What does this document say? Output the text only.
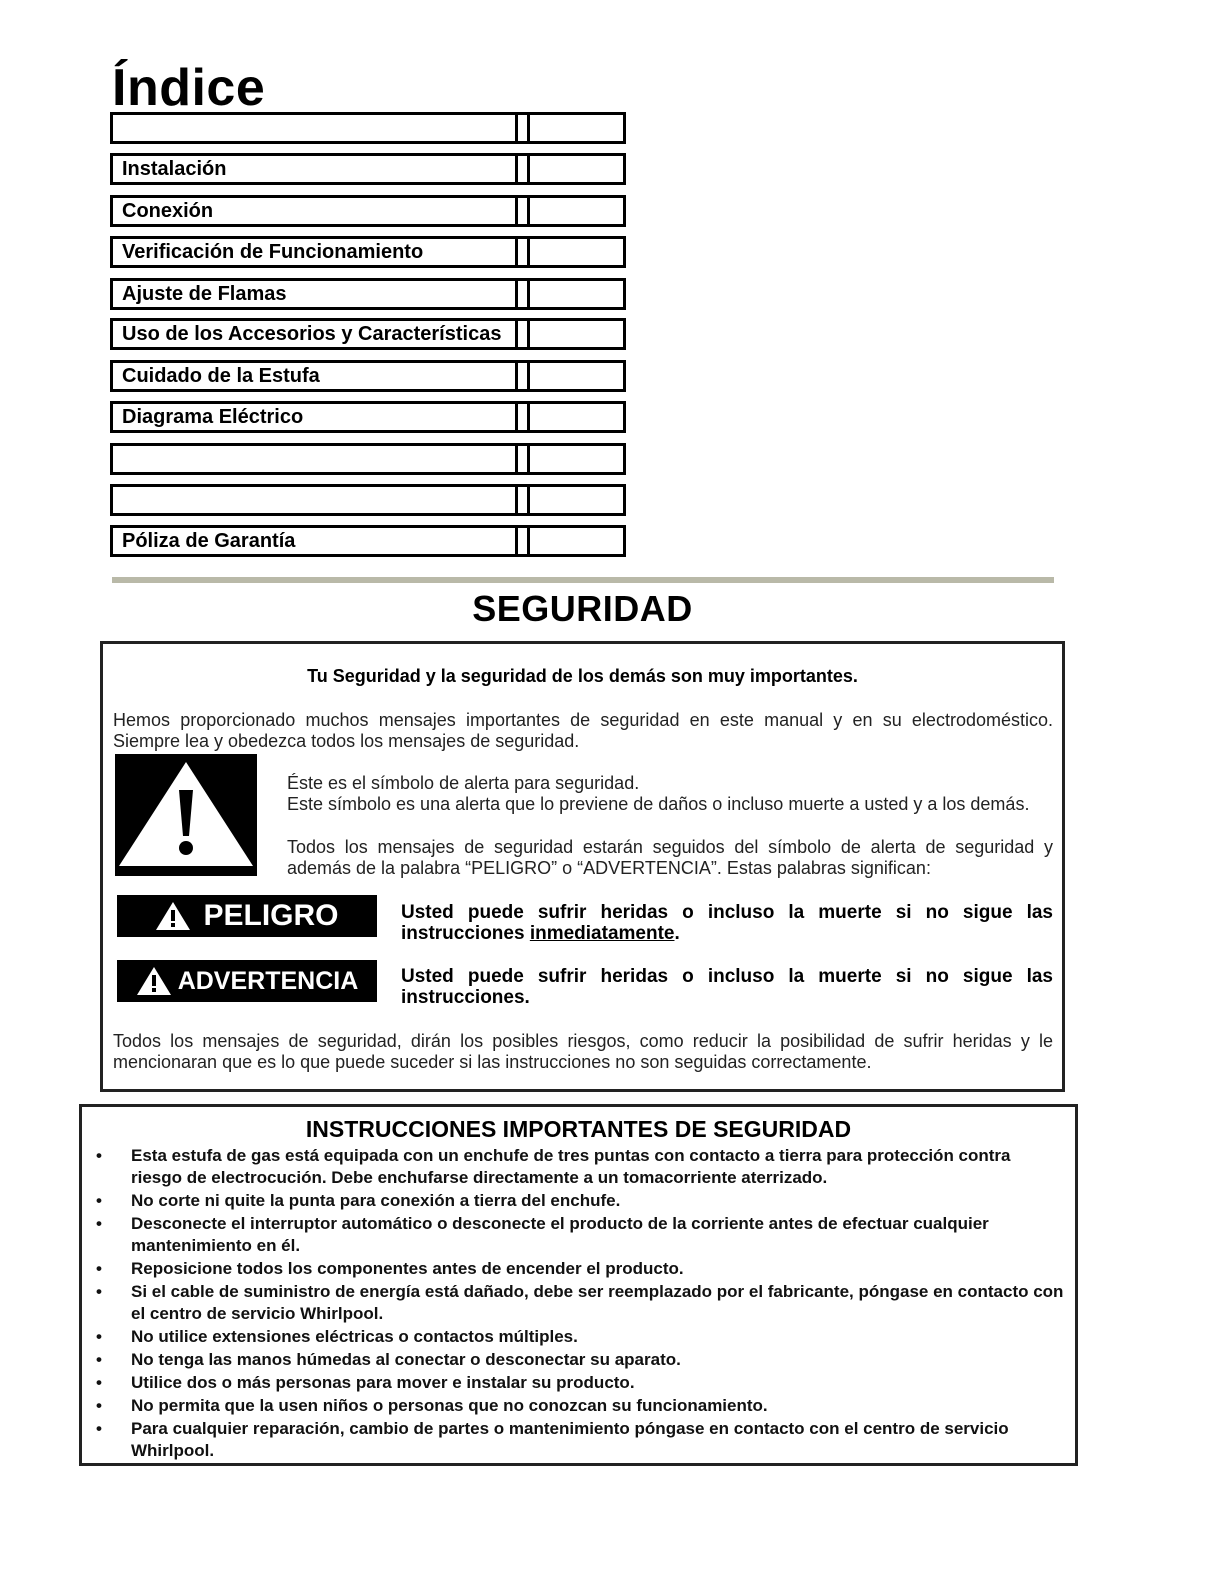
Índice
Instalación
Conexión
Verificación de Funcionamiento
Ajuste de Flamas
Uso de los Accesorios y Características
Cuidado de la Estufa
Diagrama Eléctrico
Póliza de Garantía
SEGURIDAD
Tu Seguridad y la seguridad de los demás son muy importantes.
Hemos proporcionado muchos mensajes importantes de seguridad en este manual y en su electrodoméstico. Siempre lea y obedezca todos los mensajes de seguridad.
Éste es el símbolo de alerta para seguridad.
Este símbolo es una alerta que lo previene de daños o incluso muerte a usted y a los demás.
Todos los mensajes de seguridad estarán seguidos del símbolo de alerta de seguridad y además de la palabra “PELIGRO” o “ADVERTENCIA”. Estas palabras significan:
PELIGRO	Usted puede sufrir heridas o incluso la muerte si no sigue las instrucciones inmediatamente.
ADVERTENCIA Usted puede sufrir heridas o incluso la muerte si no sigue las instrucciones.
Todos los mensajes de seguridad, dirán los posibles riesgos, como reducir la posibilidad de sufrir heridas y le mencionaran que es lo que puede suceder si las instrucciones no son seguidas correctamente.
INSTRUCCIONES IMPORTANTES DE SEGURIDAD
• Esta estufa de gas está equipada con un enchufe de tres puntas con contacto a tierra para protección contra riesgo de electrocución. Debe enchufarse directamente a un tomacorriente aterrizado.
• No corte ni quite la punta para conexión a tierra del enchufe.
• Desconecte el interruptor automático o desconecte el producto de la corriente antes de efectuar cualquier mantenimiento en él.
• Reposicione todos los componentes antes de encender el producto.
• Si el cable de suministro de energía está dañado, debe ser reemplazado por el fabricante, póngase en contacto con el centro de servicio Whirlpool.
• No utilice extensiones eléctricas o contactos múltiples.
• No tenga las manos húmedas al conectar o desconectar su aparato.
• Utilice dos o más personas para mover e instalar su producto.
• No permita que la usen niños o personas que no conozcan su funcionamiento.
• Para cualquier reparación, cambio de partes o mantenimiento póngase en contacto con el centro de servicio Whirlpool.
